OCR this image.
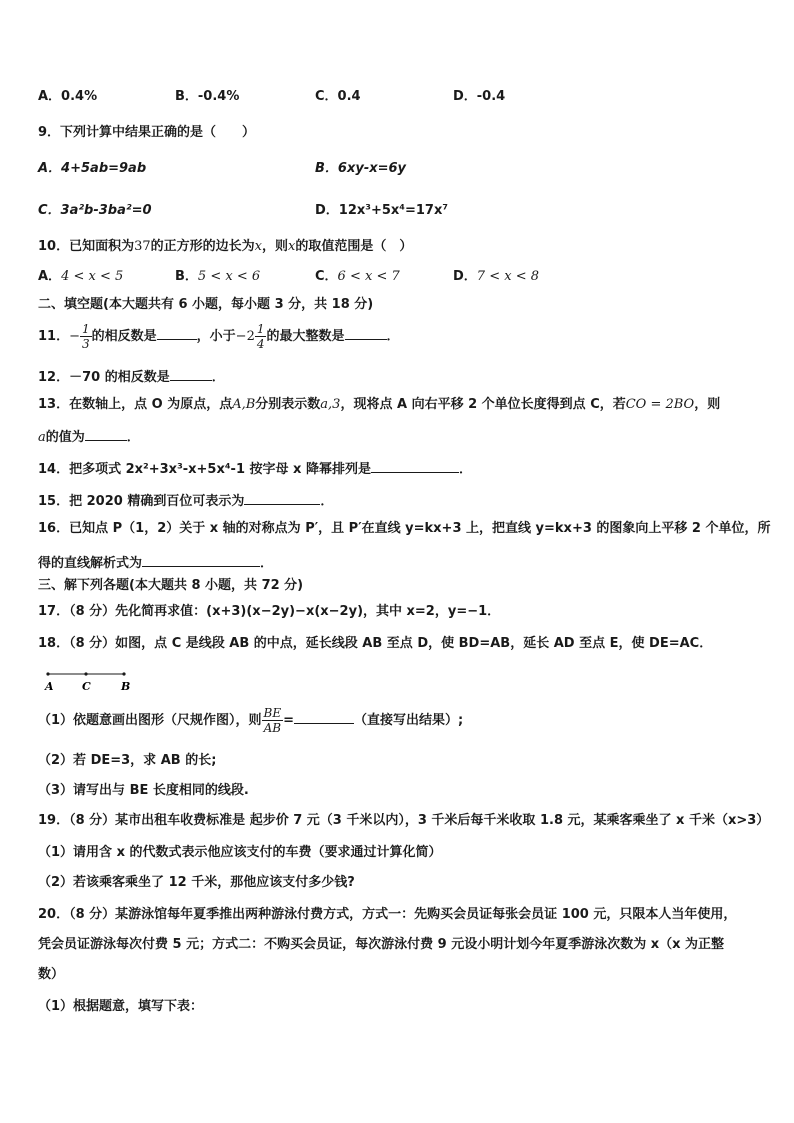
A．0.4%	B．-0.4%	C．0.4	D．-0.4
9．下列计算中结果正确的是（　　）
A．4+5ab=9ab	B．6xy-x=6y
C．3a²b-3ba²=0	D．12x³+5x⁴=17x⁷
10．已知面积为37的正方形的边长为x，则x的取值范围是（　）
A．4 < x < 5	B．5 < x < 6	C．6 < x < 7	D．7 < x < 8
二、填空题(本大题共有 6 小题，每小题 3 分，共 18 分)
11．− $\frac{1}{3}$ 的相反数是	，小于$-2 \frac{1}{4}$ 的最大整数是	．
12．－70 的相反数是	．
13．在数轴上，点 O 为原点，点A,B分别表示数a,3，现将点 A 向右平移 2 个单位长度得到点 C，若CO = 2BO，则
a的值为	．
14．把多项式 2x²+3x³-x+5x⁴-1 按字母 x 降幂排列是	．
15．把 2020 精确到百位可表示为	．
16．已知点 P（1，2）关于 x 轴的对称点为 P′，且 P′在直线 y=kx+3 上，把直线 y=kx+3 的图象向上平移 2 个单位，所
得的直线解析式为	．
三、解下列各题(本大题共 8 小题，共 72 分)
17．（8 分）先化简再求值：(x+3)(x−2y)−x(x−2y)，其中 x=2，y=−1．
18．（8 分）如图，点 C 是线段 AB 的中点，延长线段 AB 至点 D，使 BD=AB，延长 AD 至点 E，使 DE=AC．
A	C	B
（1）依题意画出图形（尺规作图），则 $\frac{BE}{AB}$ =	（直接写出结果）;
（2）若 DE=3，求 AB 的长;
（3）请写出与 BE 长度相同的线段.
19．（8 分）某市出租车收费标准是 起步价 7 元（3 千米以内），3 千米后每千米收取 1.8 元，某乘客乘坐了 x 千米（x>3）
（1）请用含 x 的代数式表示他应该支付的车费（要求通过计算化简）
（2）若该乘客乘坐了 12 千米，那他应该支付多少钱?
20．（8 分）某游泳馆每年夏季推出两种游泳付费方式，方式一：先购买会员证每张会员证 100 元，只限本人当年使用，
凭会员证游泳每次付费 5 元；方式二：不购买会员证，每次游泳付费 9 元设小明计划今年夏季游泳次数为 x（x 为正整
数）
（1）根据题意，填写下表：
